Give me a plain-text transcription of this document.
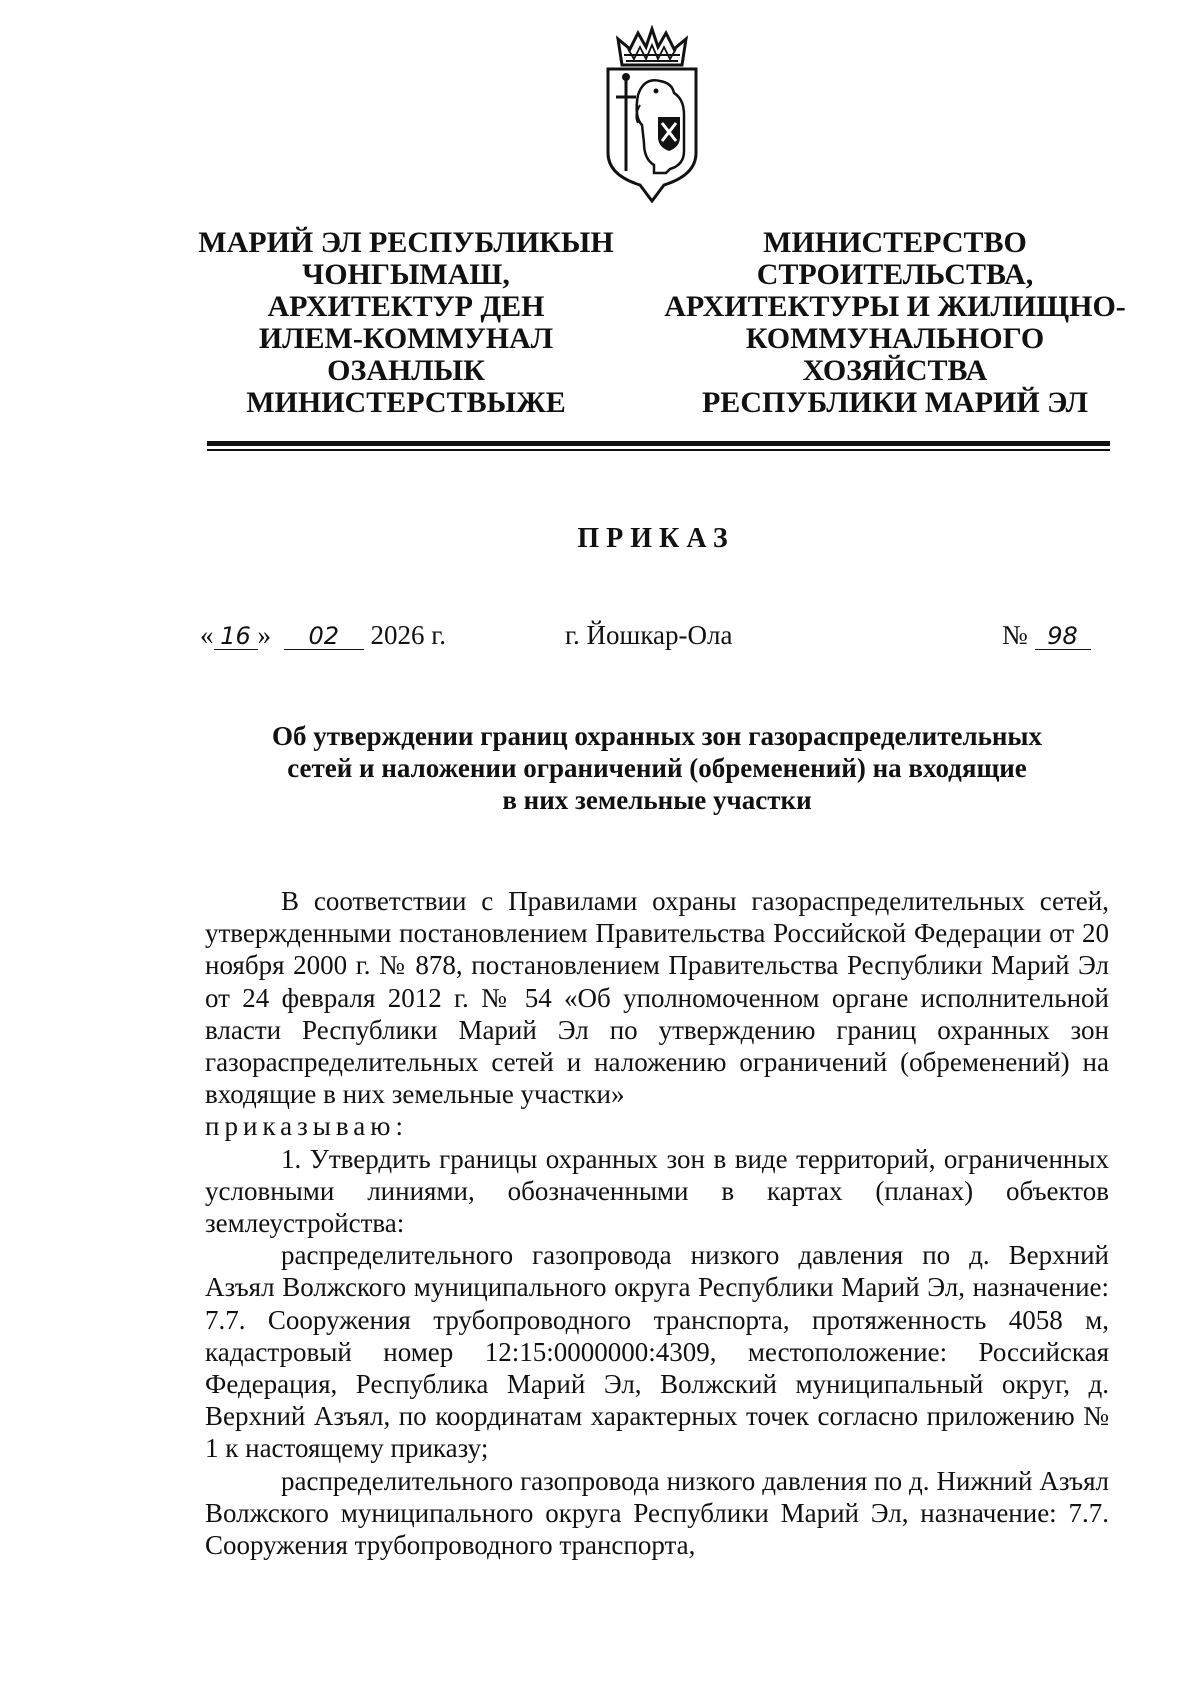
МАРИЙ ЭЛ РЕСПУБЛИКЫН
ЧОНГЫМАШ,
АРХИТЕКТУР ДЕН
ИЛЕМ-КОММУНАЛ
ОЗАНЛЫК
МИНИСТЕРСТВЫЖЕ
МИНИСТЕРСТВО
СТРОИТЕЛЬСТВА,
АРХИТЕКТУРЫ И ЖИЛИЩНО-
КОММУНАЛЬНОГО
ХОЗЯЙСТВА
РЕСПУБЛИКИ МАРИЙ ЭЛ
ПРИКАЗ
« 16 » 02 2026 г.	г. Йошкар-Ола	№ 98
Об утверждении границ охранных зон газораспределительных
сетей и наложении ограничений (обременений) на входящие
в них земельные участки

В соответствии с Правилами охраны газораспределительных сетей, утвержденными постановлением Правительства Российской Федерации от 20 ноября 2000 г. № 878, постановлением Правительства Республики Марий Эл от 24 февраля 2012 г. № 54 «Об уполномоченном органе исполнительной власти Республики Марий Эл по утверждению границ охранных зон газораспределительных сетей и наложению ограничений (обременений) на входящие в них земельные участки»

приказываю:

1. Утвердить границы охранных зон в виде территорий, ограниченных условными линиями, обозначенными в картах (планах) объектов землеустройства:

распределительного газопровода низкого давления по д. Верхний Азъял Волжского муниципального округа Республики Марий Эл, назначение: 7.7. Сооружения трубопроводного транспорта, протяженность 4058 м, кадастровый номер 12:15:0000000:4309, местоположение: Российская Федерация, Республика Марий Эл, Волжский муниципальный округ, д. Верхний Азъял, по координатам характерных точек согласно приложению № 1 к настоящему приказу;

распределительного газопровода низкого давления по д. Нижний Азъял Волжского муниципального округа Республики Марий Эл, назначение: 7.7. Сооружения трубопроводного транспорта,
